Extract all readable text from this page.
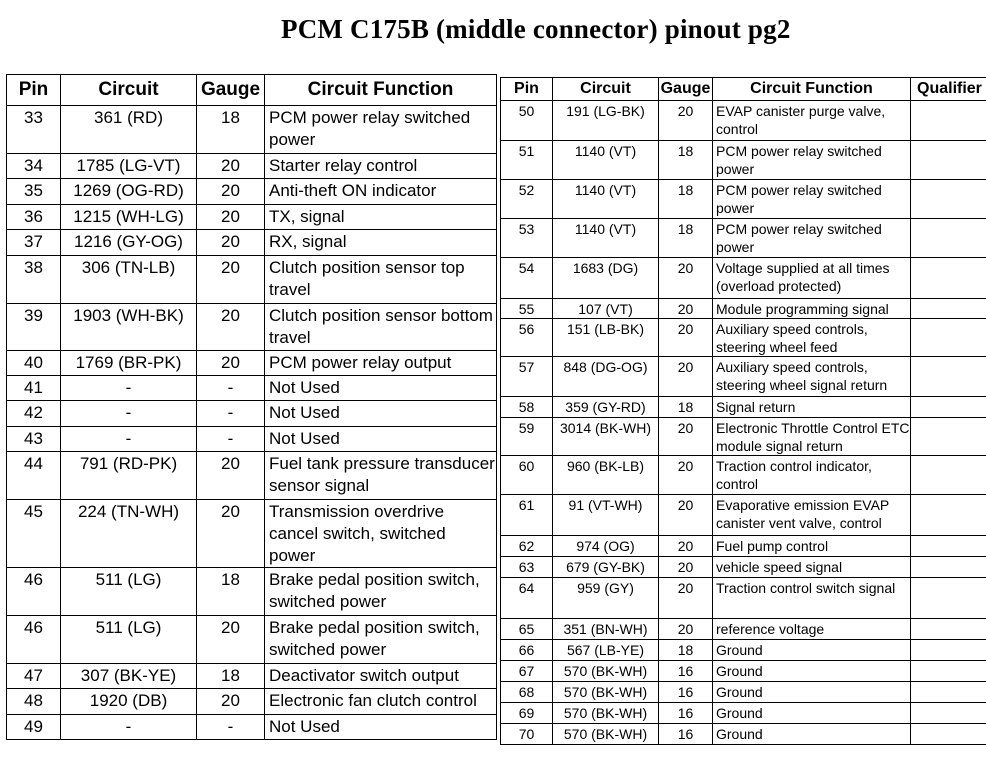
PCM C175B (middle connector) pinout pg2
Pin	Circuit	Gauge	Circuit Function
33	361 (RD)	18	PCM power relay switched power
34	1785 (LG-VT)	20	Starter relay control
35	1269 (OG-RD)	20	Anti-theft ON indicator
36	1215 (WH-LG)	20	TX, signal
37	1216 (GY-OG)	20	RX, signal
38	306 (TN-LB)	20	Clutch position sensor top travel
39	1903 (WH-BK)	20	Clutch position sensor bottom travel
40	1769 (BR-PK)	20	PCM power relay output
41	-	-	Not Used
42	-	-	Not Used
43	-	-	Not Used
44	791 (RD-PK)	20	Fuel tank pressure transducer sensor signal
45	224 (TN-WH)	20	Transmission overdrive cancel switch, switched power
46	511 (LG)	18	Brake pedal position switch, switched power
46	511 (LG)	20	Brake pedal position switch, switched power
47	307 (BK-YE)	18	Deactivator switch output
48	1920 (DB)	20	Electronic fan clutch control
49	-	-	Not Used
Pin	Circuit	Gauge	Circuit Function	Qualifier
50	191 (LG-BK)	20	EVAP canister purge valve, control	
51	1140 (VT)	18	PCM power relay switched power	
52	1140 (VT)	18	PCM power relay switched power	
53	1140 (VT)	18	PCM power relay switched power	
54	1683 (DG)	20	Voltage supplied at all times (overload protected)	
55	107 (VT)	20	Module programming signal	
56	151 (LB-BK)	20	Auxiliary speed controls, steering wheel feed	
57	848 (DG-OG)	20	Auxiliary speed controls, steering wheel signal return	
58	359 (GY-RD)	18	Signal return	
59	3014 (BK-WH)	20	Electronic Throttle Control ETC module signal return	
60	960 (BK-LB)	20	Traction control indicator, control	
61	91 (VT-WH)	20	Evaporative emission EVAP canister vent valve, control	
62	974 (OG)	20	Fuel pump control	
63	679 (GY-BK)	20	vehicle speed signal	
64	959 (GY)	20	Traction control switch signal	
65	351 (BN-WH)	20	reference voltage	
66	567 (LB-YE)	18	Ground	
67	570 (BK-WH)	16	Ground	
68	570 (BK-WH)	16	Ground	
69	570 (BK-WH)	16	Ground	
70	570 (BK-WH)	16	Ground	
